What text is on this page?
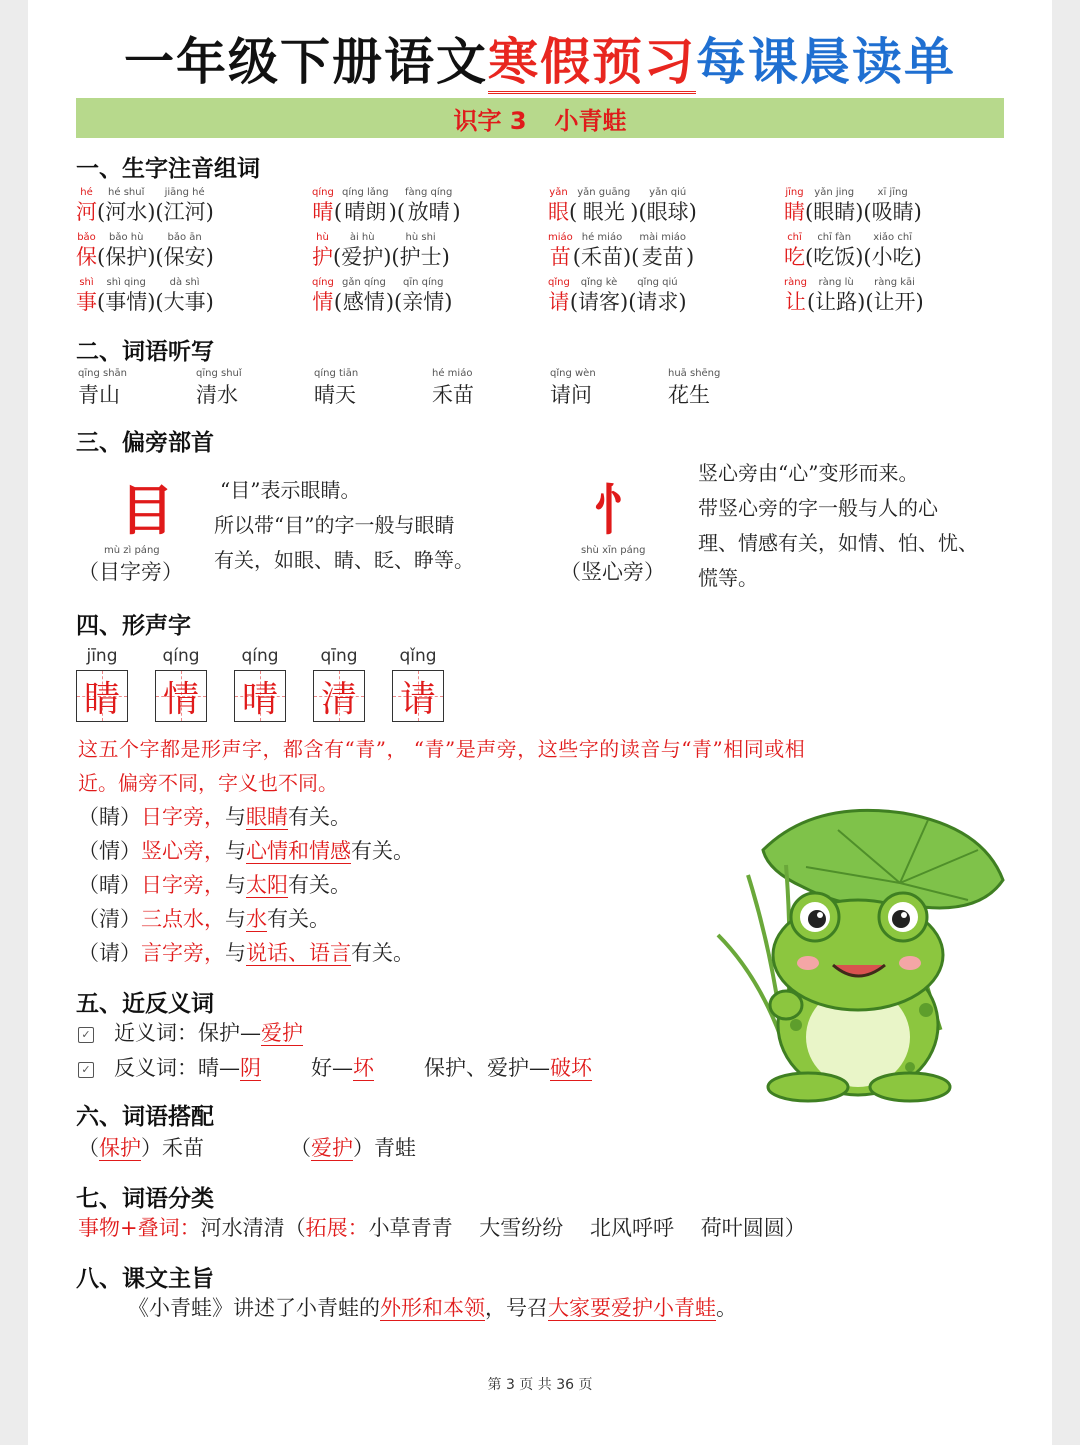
一年级下册语文寒假预习每课晨读单
识字 3 小青蛙
一、生字注音组词
hé
河 (
hé shuǐ
河水 ) (
jiāng hé
江河 )
qíng
晴 (
qíng lǎng
晴朗 ) (
fàng qíng
放晴 )
yǎn
眼 (
yǎn guāng
眼光 ) (
yǎn qiú
眼球 )
jīng
睛 (
yǎn jing
眼睛 ) (
xī jīng
吸睛 )
bǎo
保 (
bǎo hù
保护 ) (
bǎo ān
保安 )
hù
护 (
ài hù
爱护 ) (
hù shi
护士 )
miáo
苗 (
hé miáo
禾苗 ) (
mài miáo
麦苗 )
chī
吃 (
chī fàn
吃饭 ) (
xiǎo chī
小吃 )
shì
事 (
shì qing
事情 ) (
dà shì
大事 )
qíng
情 (
gǎn qíng
感情 ) (
qīn qíng
亲情 )
qǐng
请 (
qǐng kè
请客 ) (
qǐng qiú
请求 )
ràng
让 (
ràng lù
让路 ) (
ràng kāi
让开 )
二、词语听写
qīng shān
青山
qīng shuǐ
清水
qíng tiān
晴天
hé miáo
禾苗
qǐng wèn
请问
huā shēng
花生
三、偏旁部首
目
mù zì páng
（目字旁）
“目”表示眼睛。
所以带“目”的字一般与眼睛
有关，如眼、睛、眨、睁等。
忄
shù xīn páng
（竖心旁）
竖心旁由“心”变形而来。
带竖心旁的字一般与人的心
理、情感有关，如情、怕、忧、
慌等。
四、形声字
jīng
睛
qíng
情
qíng
晴
qīng
清
qǐng
请
这五个字都是形声字，都含有“青”， “青”是声旁，这些字的读音与“青”相同或相
近。偏旁不同，字义也不同。
（睛）日字旁，与眼睛有关。
（情）竖心旁，与心情和情感有关。
（晴）日字旁，与太阳有关。
（清）三点水，与水有关。
（请）言字旁，与说话、语言有关。
五、近反义词
✓ 近义词：保护—爱护
✓ 反义词：晴—阴 好—坏 保护、爱护—破坏
六、词语搭配
（保护）禾苗	（爱护）青蛙
七、词语分类
事物+叠词：河水清清（拓展：小草青青    大雪纷纷    北风呼呼    荷叶圆圆）
八、课文主旨
《小青蛙》讲述了小青蛙的外形和本领，号召大家要爱护小青蛙。
第 3 页 共 36 页
